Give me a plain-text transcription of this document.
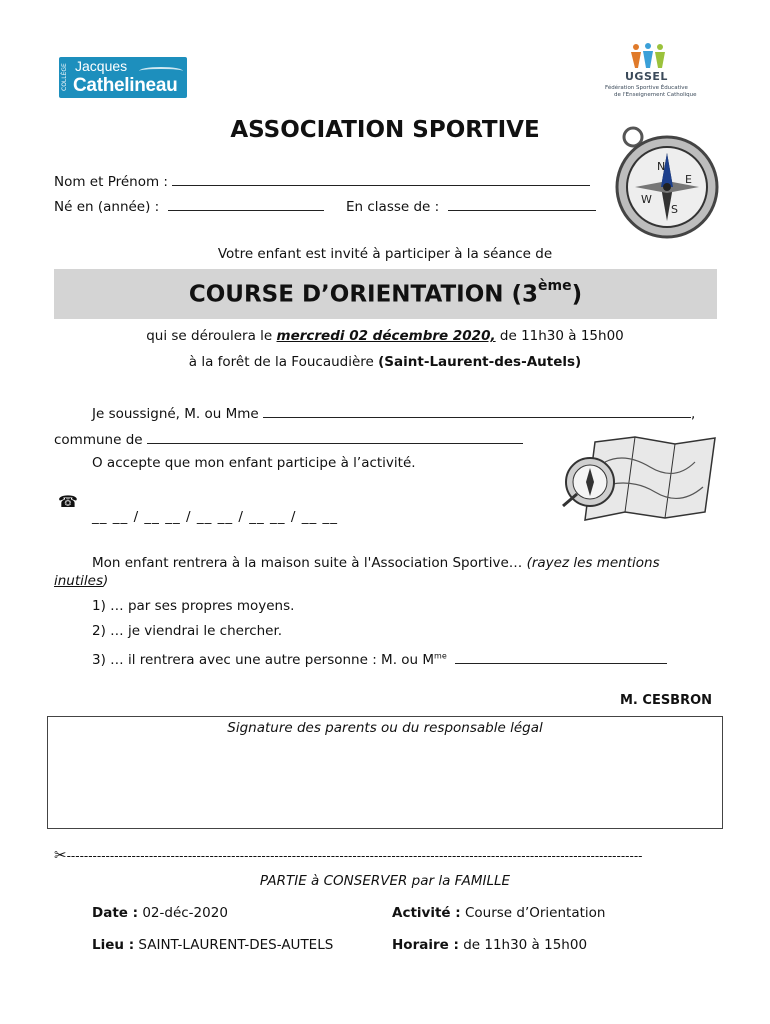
COLLÈGE Jacques
Cathelineau	UGSEL
Fédération Sportive Éducative
de l'Enseignement Catholique
N
E
S
W
ASSOCIATION SPORTIVE
Nom et Prénom :
Né en (année) :	En classe de :
Votre enfant est invité à participer à la séance de
COURSE D’ORIENTATION (3ème)
qui se déroulera le mercredi 02 décembre 2020, de 11h30 à 15h00
à la forêt de la Foucaudière (Saint-Laurent-des-Autels)
Je soussigné, M. ou Mme	,
commune de
O accepte que mon enfant participe à l’activité.
☎
__ __ / __ __ / __ __ / __ __ / __ __
Mon enfant rentrera à la maison suite à l'Association Sportive… (rayez les mentions
inutiles)
1) … par ses propres moyens.
2) … je viendrai le chercher.
3) … il rentrera avec une autre personne : M. ou $M^{me}$
M. CESBRON
Signature des parents ou du responsable légal
✂-------------------------------------------------------------------------------------------------------------------------------------
PARTIE à CONSERVER par la FAMILLE
Date : 02-déc-2020	Activité : Course d’Orientation
Lieu : SAINT-LAURENT-DES-AUTELS	Horaire : de 11h30 à 15h00
